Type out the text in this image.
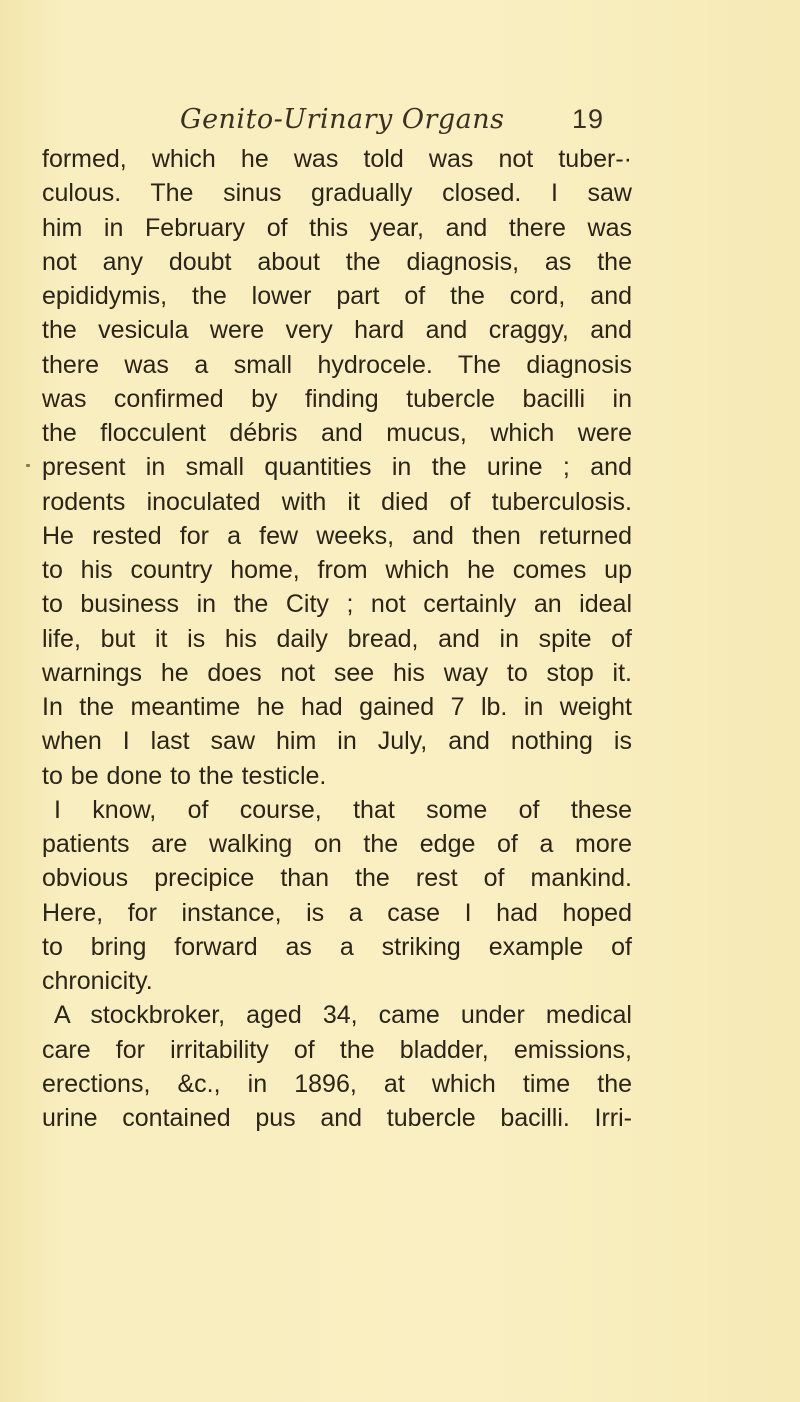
Genito-Urinary Organs	19
formed, which he was told was not tuber-·
culous. The sinus gradually closed. I saw
him in February of this year, and there was
not any doubt about the diagnosis, as the
epididymis, the lower part of the cord, and
the vesicula were very hard and craggy, and
there was a small hydrocele. The diagnosis
was confirmed by finding tubercle bacilli in
the flocculent débris and mucus, which were
present in small quantities in the urine ; and
rodents inoculated with it died of tuberculosis.
He rested for a few weeks, and then returned
to his country home, from which he comes up
to business in the City ; not certainly an ideal
life, but it is his daily bread, and in spite of
warnings he does not see his way to stop it.
In the meantime he had gained 7 lb. in weight
when I last saw him in July, and nothing is
to be done to the testicle.
I know, of course, that some of these
patients are walking on the edge of a more
obvious precipice than the rest of mankind.
Here, for instance, is a case I had hoped
to bring forward as a striking example of
chronicity.
A stockbroker, aged 34, came under medical
care for irritability of the bladder, emissions,
erections, &c., in 1896, at which time the
urine contained pus and tubercle bacilli. Irri-
